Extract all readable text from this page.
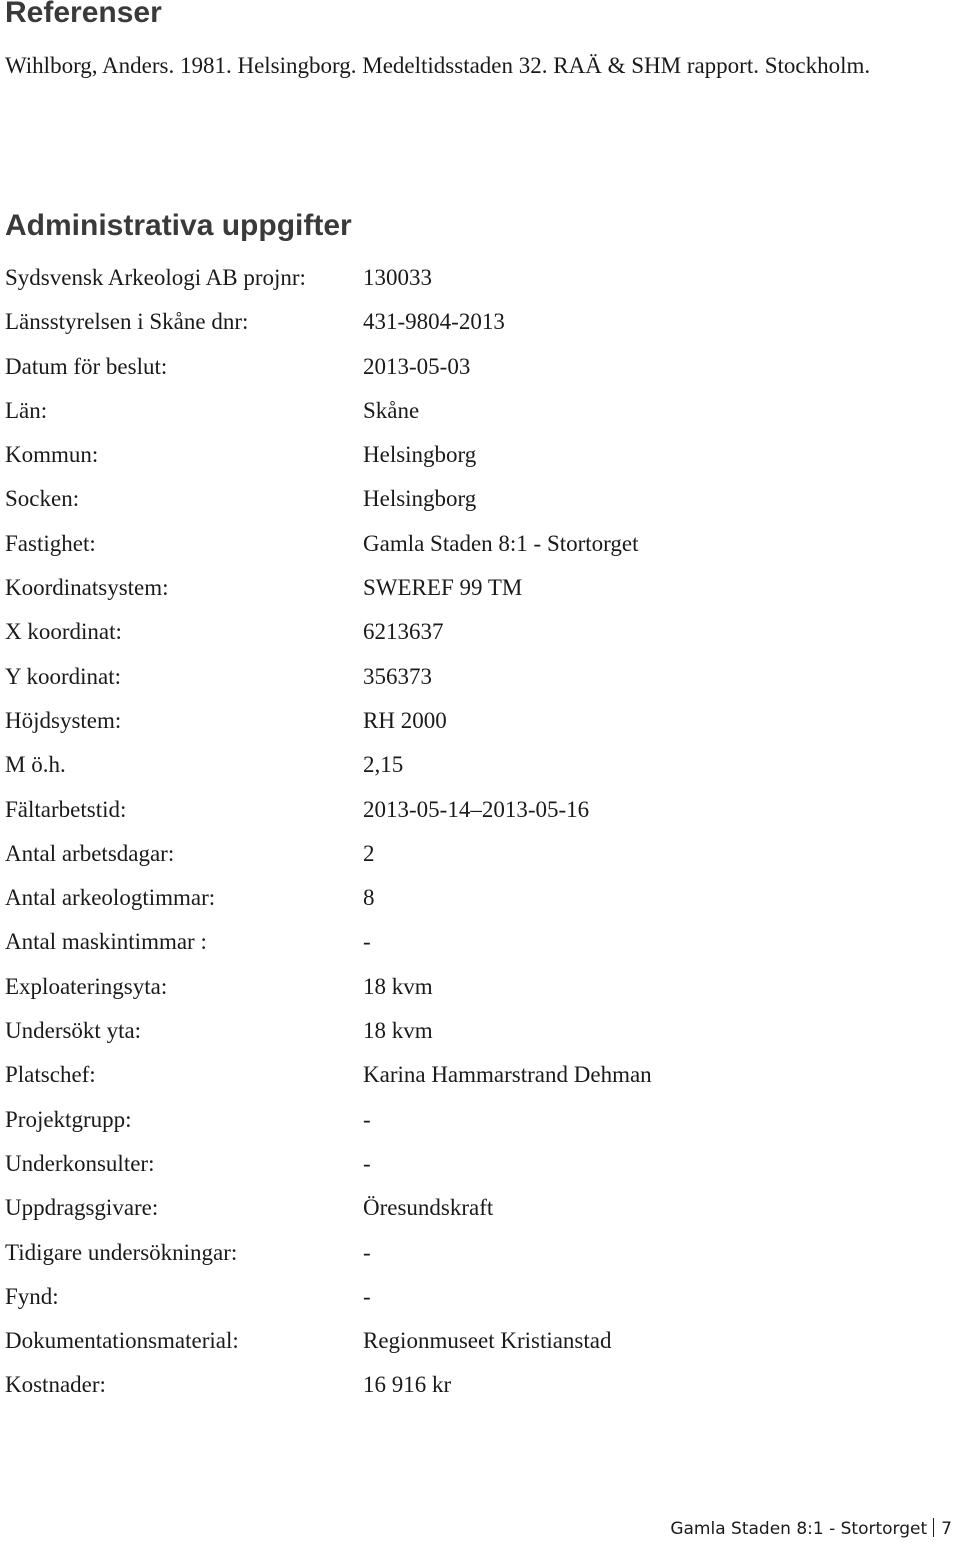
Referenser

Wihlborg, Anders. 1981. Helsingborg. Medeltidsstaden 32. RAÄ & SHM rapport. Stockholm.

Administrativa uppgifter
Sydsvensk Arkeologi AB projnr: 130033
Länsstyrelsen i Skåne dnr:	431-9804-2013
Datum för beslut:	2013-05-03
Län:	Skåne
Kommun:	Helsingborg
Socken:	Helsingborg
Fastighet:	Gamla Staden 8:1 - Stortorget
Koordinatsystem:	SWEREF 99 TM
X koordinat:	6213637
Y koordinat:	356373
Höjdsystem:	RH 2000
M ö.h.	2,15
Fältarbetstid:	2013-05-14–2013-05-16
Antal arbetsdagar:	2
Antal arkeologtimmar:	8
Antal maskintimmar :	-
Exploateringsyta:	18 kvm
Undersökt yta:	18 kvm
Platschef:	Karina Hammarstrand Dehman
Projektgrupp:	-
Underkonsulter:	-
Uppdragsgivare:	Öresundskraft
Tidigare undersökningar:	-
Fynd:	-
Dokumentationsmaterial:	Regionmuseet Kristianstad
Kostnader:	16 916 kr
Gamla Staden 8:1 - Stortorget 7
